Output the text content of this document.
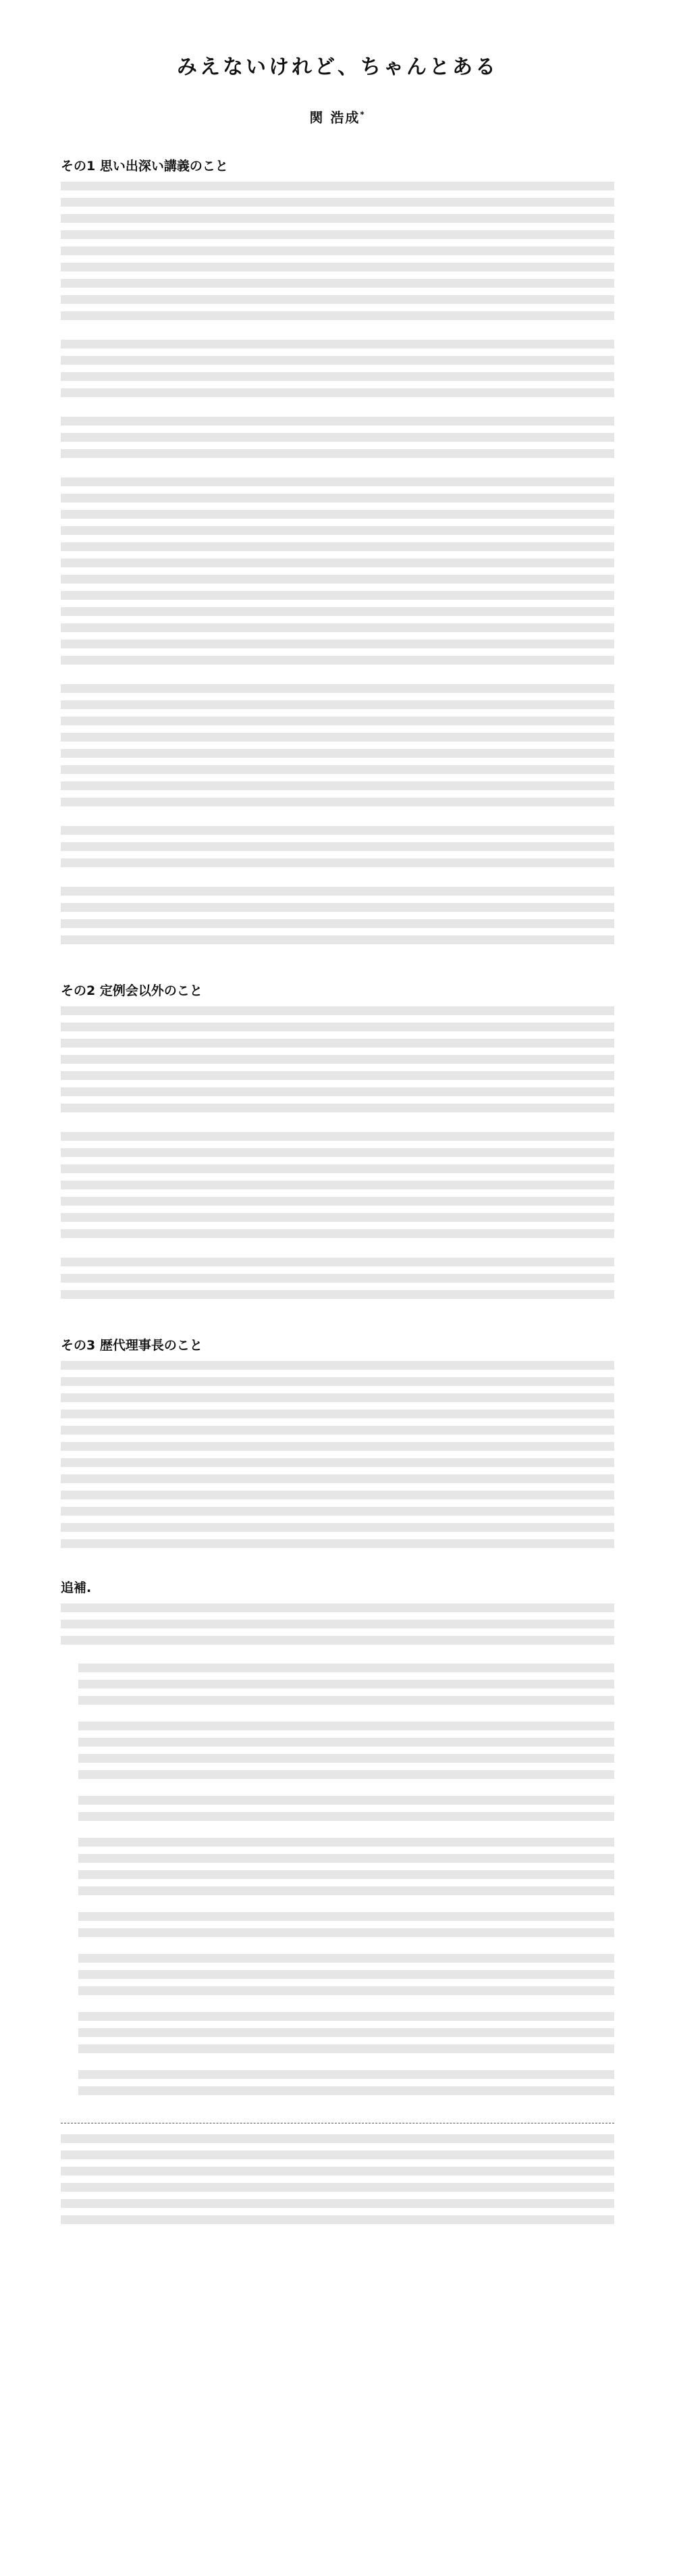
みえないけれど、ちゃんとある
関 浩成*
その1 思い出深い講義のこと

その2 定例会以外のこと

その3 歴代理事長のこと

追補.
